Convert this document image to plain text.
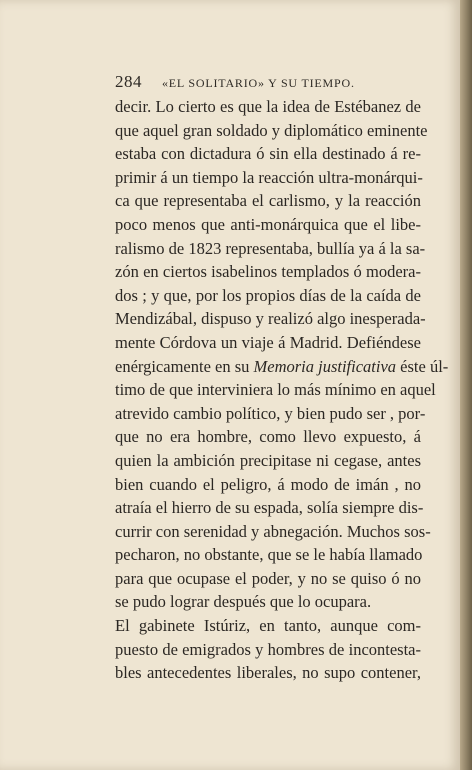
284 «EL SOLITARIO» Y SU TIEMPO.
decir. Lo cierto es que la idea de Estébanez de
que aquel gran soldado y diplomático eminente
estaba con dictadura ó sin ella destinado á re-
primir á un tiempo la reacción ultra-monárqui-
ca que representaba el carlismo, y la reacción
poco menos que anti-monárquica que el libe-
ralismo de 1823 representaba, bullía ya á la sa-
zón en ciertos isabelinos templados ó modera-
dos ; y que, por los propios días de la caída de
Mendizábal, dispuso y realizó algo inesperada-
mente Córdova un viaje á Madrid. Defiéndese
enérgicamente en su Memoria justificativa éste úl-
timo de que interviniera lo más mínimo en aquel
atrevido cambio político, y bien pudo ser , por-
que no era hombre, como llevo expuesto, á
quien la ambición precipitase ni cegase, antes
bien cuando el peligro, á modo de imán , no
atraía el hierro de su espada, solía siempre dis-
currir con serenidad y abnegación. Muchos sos-
pecharon, no obstante, que se le había llamado
para que ocupase el poder, y no se quiso ó no
se pudo lograr después que lo ocupara.
El gabinete Istúriz, en tanto, aunque com-
puesto de emigrados y hombres de incontesta-
bles antecedentes liberales, no supo contener,
